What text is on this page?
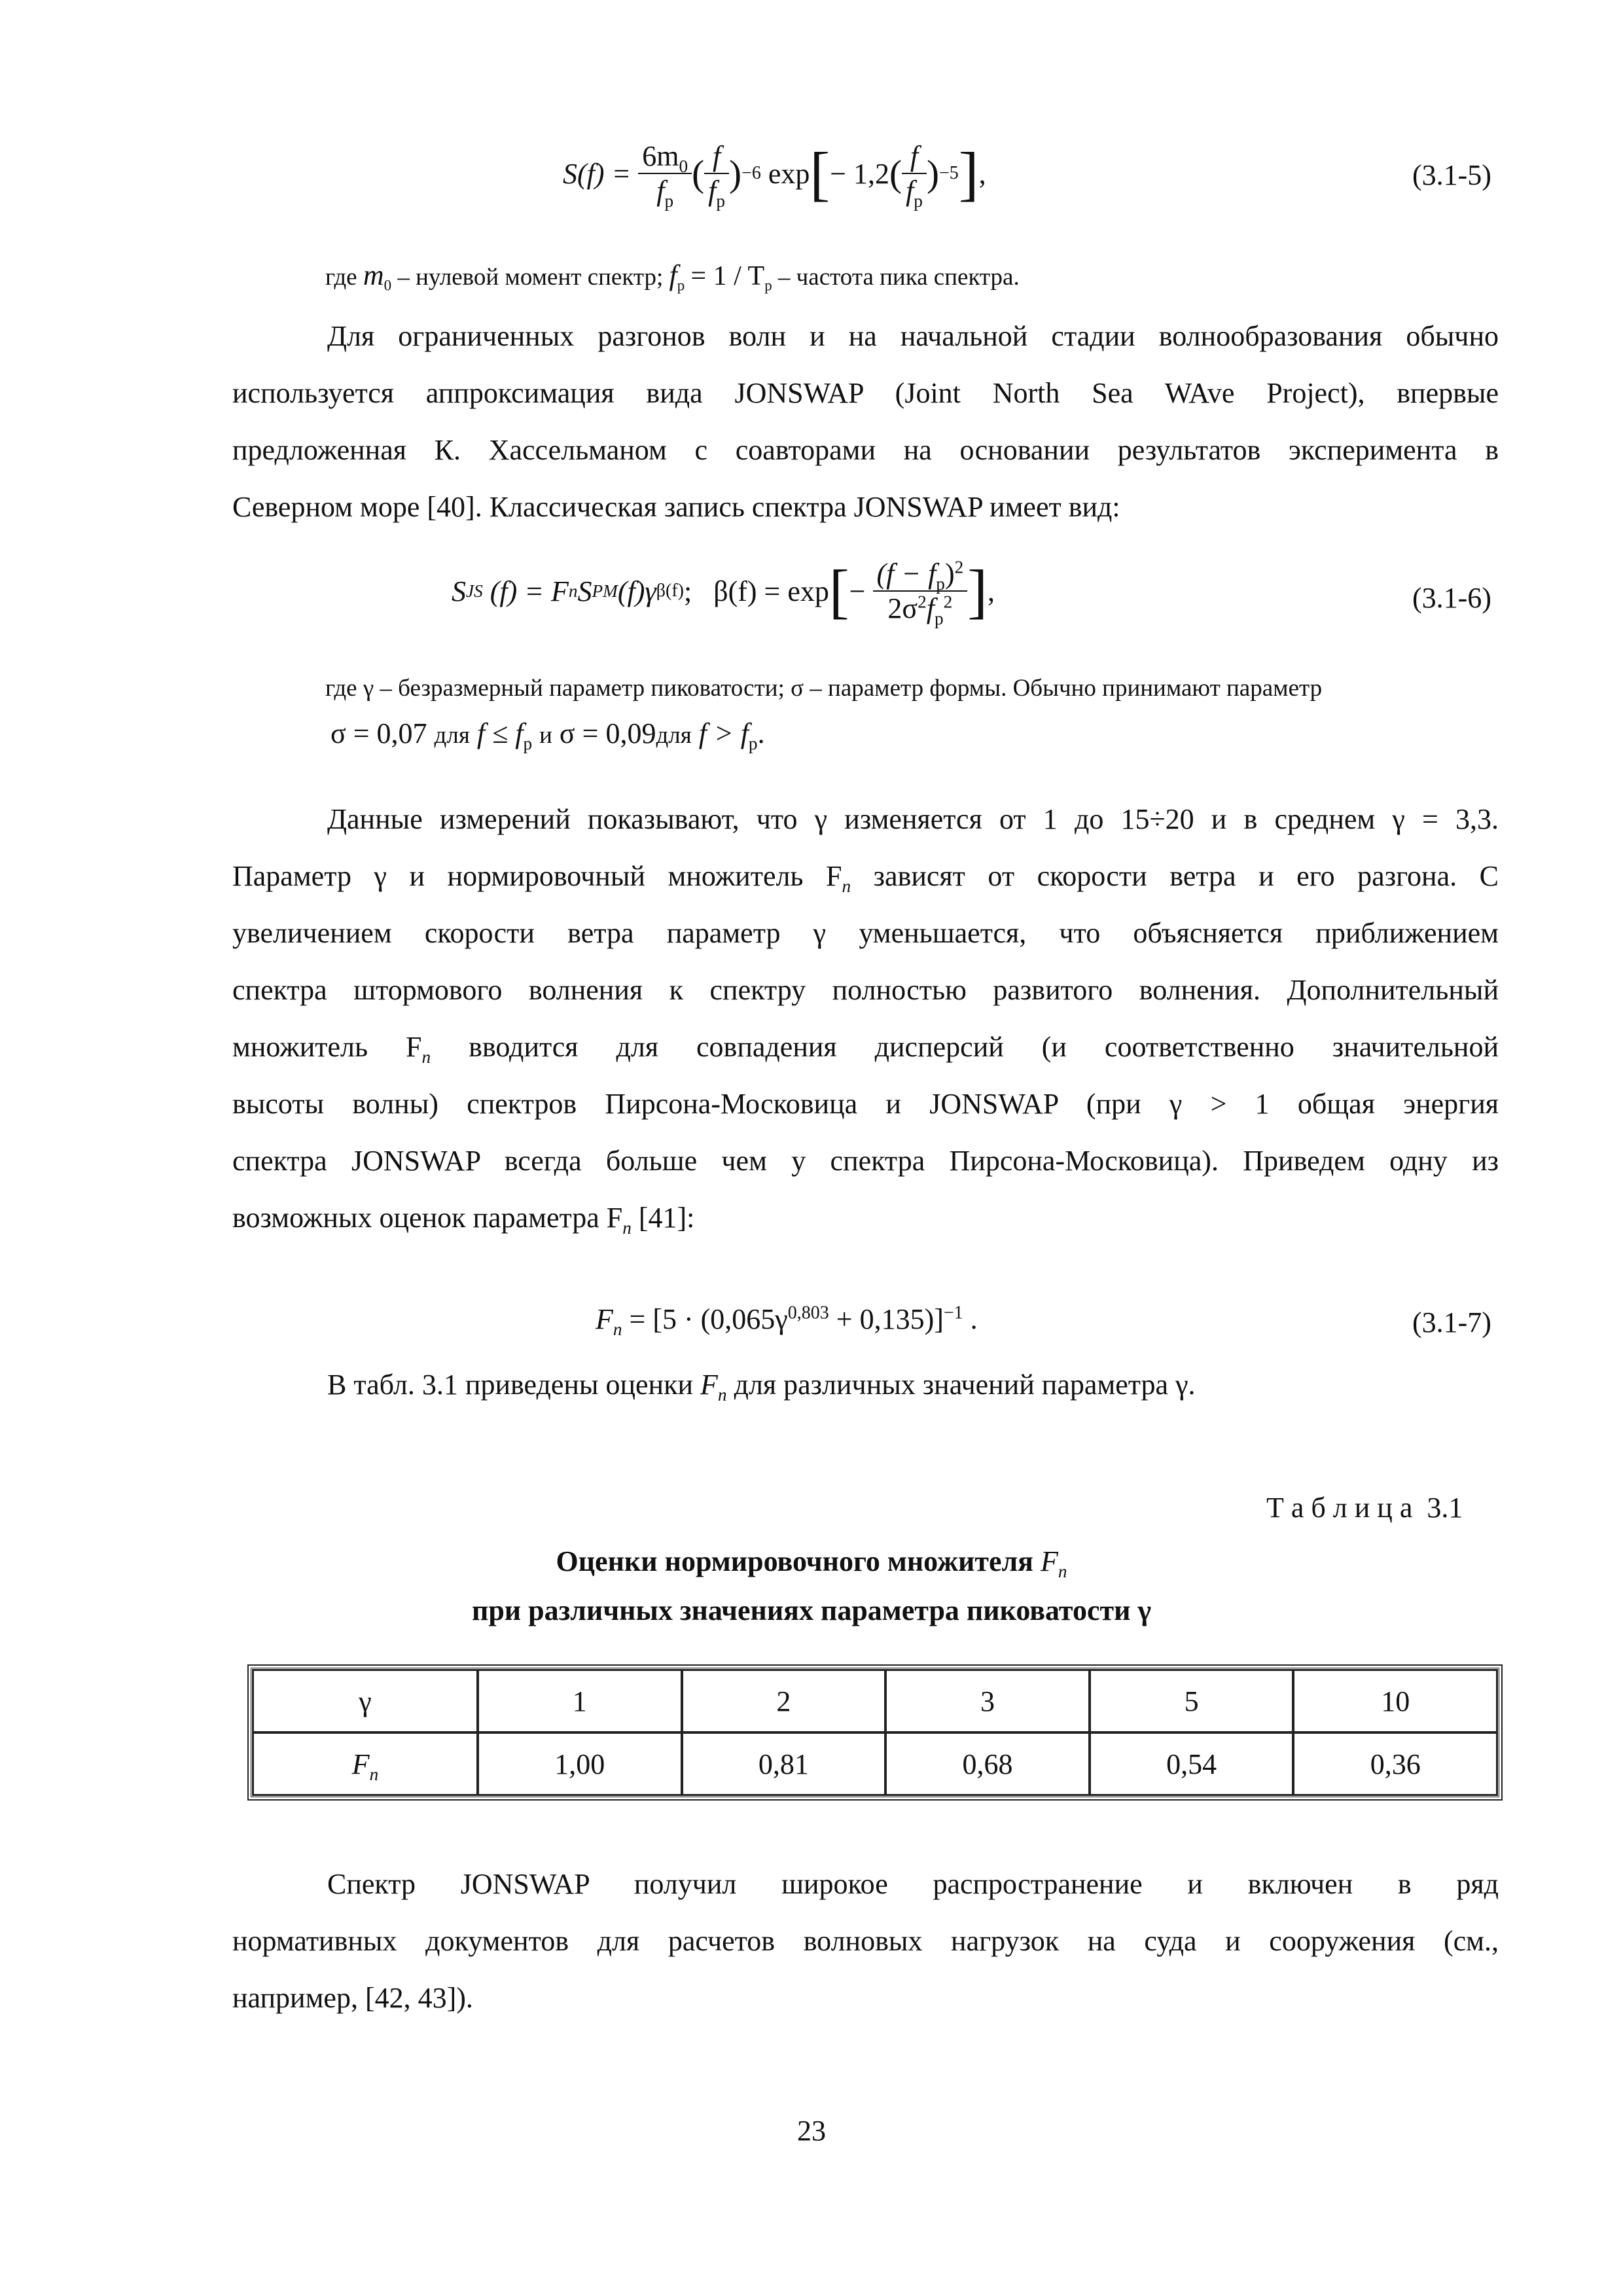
$S(f) = \frac{6m_0}{f_p}$ ( $\frac{f}{f_p}$ ) −6
exp [ − 1,2 ( $\frac{f}{f_p}$ ) −5 ] ,	(3.1-5)
где $m_0$ – нулевой момент спектр; $f_p = 1 / T_p$ – частота пика спектра.
Для ограниченных разгонов волн и на начальной стадии волнообразования обычно
используется аппроксимация вида JONSWAP (Joint North Sea WAve Project), впервые
предложенная К. Хассельманом с соавторами на основании результатов эксперимента в
Северном море [40]. Классическая запись спектра JONSWAP имеет вид:
S JS
(f) = F n S PM (f)γ β(f) ;
β(f) = exp [ −
$\frac{(f - f_p)^2}{2\sigma^2f_p^2}$ ] ,	(3.1-6)
где γ – безразмерный параметр пиковатости; σ – параметр формы. Обычно принимают параметр
σ = 0,07 для $f \le f_p$ и σ = 0,09для $f > f_p$.
Данные измерений показывают, что γ изменяется от 1 до 15÷20 и в среднем γ = 3,3.
Параметр γ и нормировочный множитель $F_n$ зависят от скорости ветра и его разгона. С
увеличением скорости ветра параметр γ уменьшается, что объясняется приближением
спектра штормового волнения к спектру полностью развитого волнения. Дополнительный
множитель $F_n$ вводится для совпадения дисперсий (и соответственно значительной
высоты волны) спектров Пирсона-Московица и JONSWAP (при γ > 1 общая энергия
спектра JONSWAP всегда больше чем у спектра Пирсона-Московица). Приведем одну из
возможных оценок параметра $F_n$ [41]:
$F_n = [5 \cdot (0,065\gamma^{0,803} + 0,135)]^{-1}$ .	(3.1-7)
В табл. 3.1 приведены оценки $F_n$ для различных значений параметра γ.
Т а б л и ц а  3.1
Оценки нормировочного множителя $F_n$
при различных значениях параметра пиковатости γ
γ	1	2	3	5	10
$F_n$	1,00	0,81	0,68	0,54	0,36
Спектр JONSWAP получил широкое распространение и включен в ряд
нормативных документов для расчетов волновых нагрузок на суда и сооружения (см.,
например, [42, 43]).
23
